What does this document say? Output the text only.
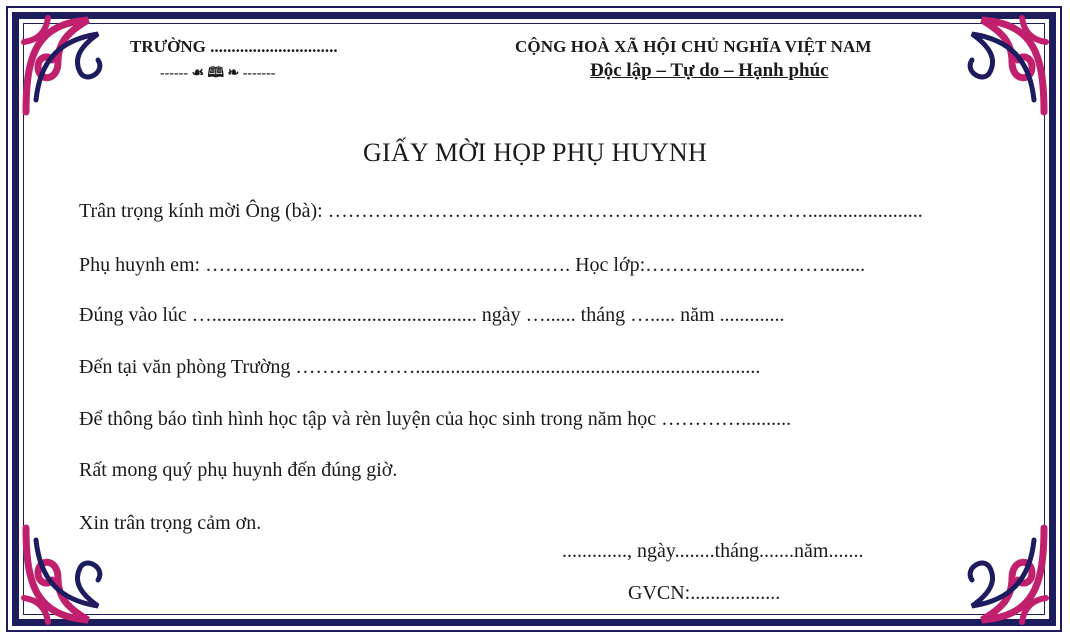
TRƯỜNG ..............................
------ ☙ 🕮 ❧ -------
CỘNG HOÀ XÃ HỘI CHỦ NGHĨA VIỆT NAM
Độc lập – Tự do – Hạnh phúc
GIẤY MỜI HỌP PHỤ HUYNH
Trân trọng kính mời Ông (bà): ……………………………………………………………….......................
Phụ huynh em: ………………………………………………. Học lớp:………………………........
Đúng vào lúc …..................................................... ngày …...... tháng …..... năm .............
Đến tại văn phòng Trường ……………….....................................................................
Để thông báo tình hình học tập và rèn luyện của học sinh trong năm học …………..........
Rất mong quý phụ huynh đến đúng giờ.
Xin trân trọng cảm ơn.
............., ngày........tháng.......năm.......
GVCN:..................
